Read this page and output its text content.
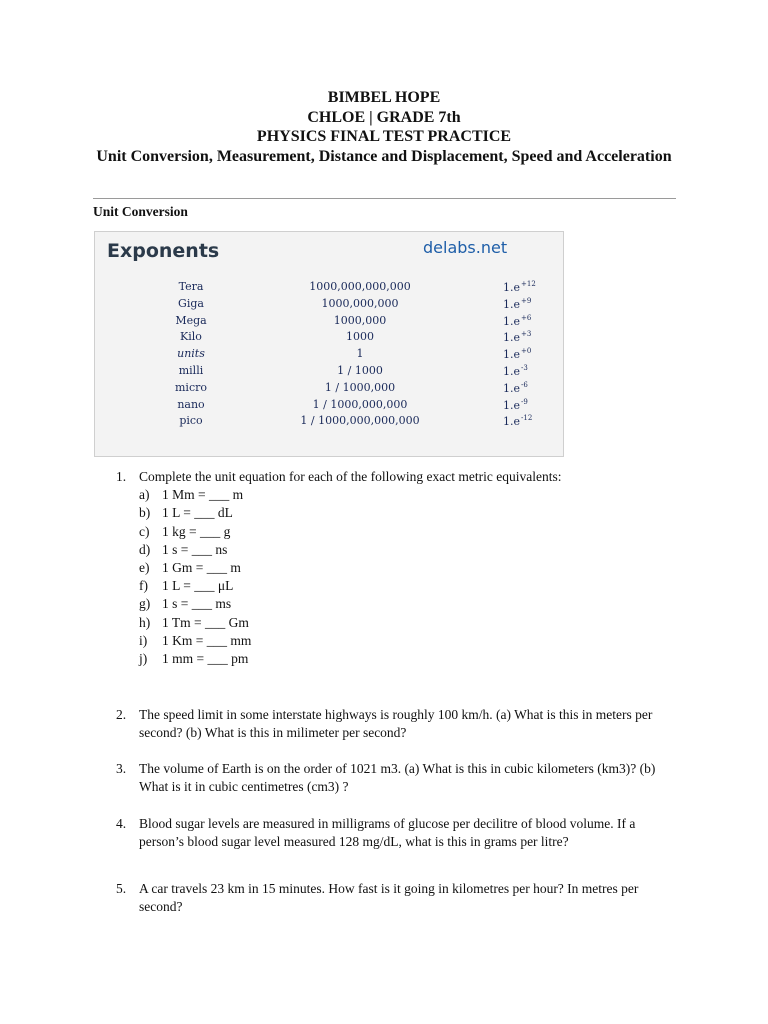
BIMBEL HOPE
CHLOE | GRADE 7th
PHYSICS FINAL TEST PRACTICE
Unit Conversion, Measurement, Distance and Displacement, Speed and Acceleration
Unit Conversion
Exponents	delabs.net
Tera	1000,000,000,000	$1.e^{+12}$
Giga	1000,000,000	$1.e^{+9}$
Mega	1000,000	$1.e^{+6}$
Kilo	1000	$1.e^{+3}$
units	1	$1.e^{+0}$
milli	1 / 1000	$1.e^{-3}$
micro	1 / 1000,000	$1.e^{-6}$
nano	1 / 1000,000,000	$1.e^{-9}$
pico	1 / 1000,000,000,000	$1.e^{-12}$
1. Complete the unit equation for each of the following exact metric equivalents:
a) 1 Mm = ___ m
b) 1 L = ___ dL
c) 1 kg = ___ g
d) 1 s = ___ ns
e) 1 Gm = ___ m
f) 1 L = ___ μL
g) 1 s = ___ ms
h) 1 Tm = ___ Gm
i) 1 Km = ___ mm
j) 1 mm = ___ pm
2. The speed limit in some interstate highways is roughly 100 km/h. (a) What is this in meters per second? (b) What is this in milimeter per second?
3. The volume of Earth is on the order of 1021 m3. (a) What is this in cubic kilometers (km3)? (b) What is it in cubic centimetres (cm3) ?
4. Blood sugar levels are measured in milligrams of glucose per decilitre of blood volume. If a person’s blood sugar level measured 128 mg/dL, what is this in grams per litre?
5. A car travels 23 km in 15 minutes. How fast is it going in kilometres per hour? In metres per second?
